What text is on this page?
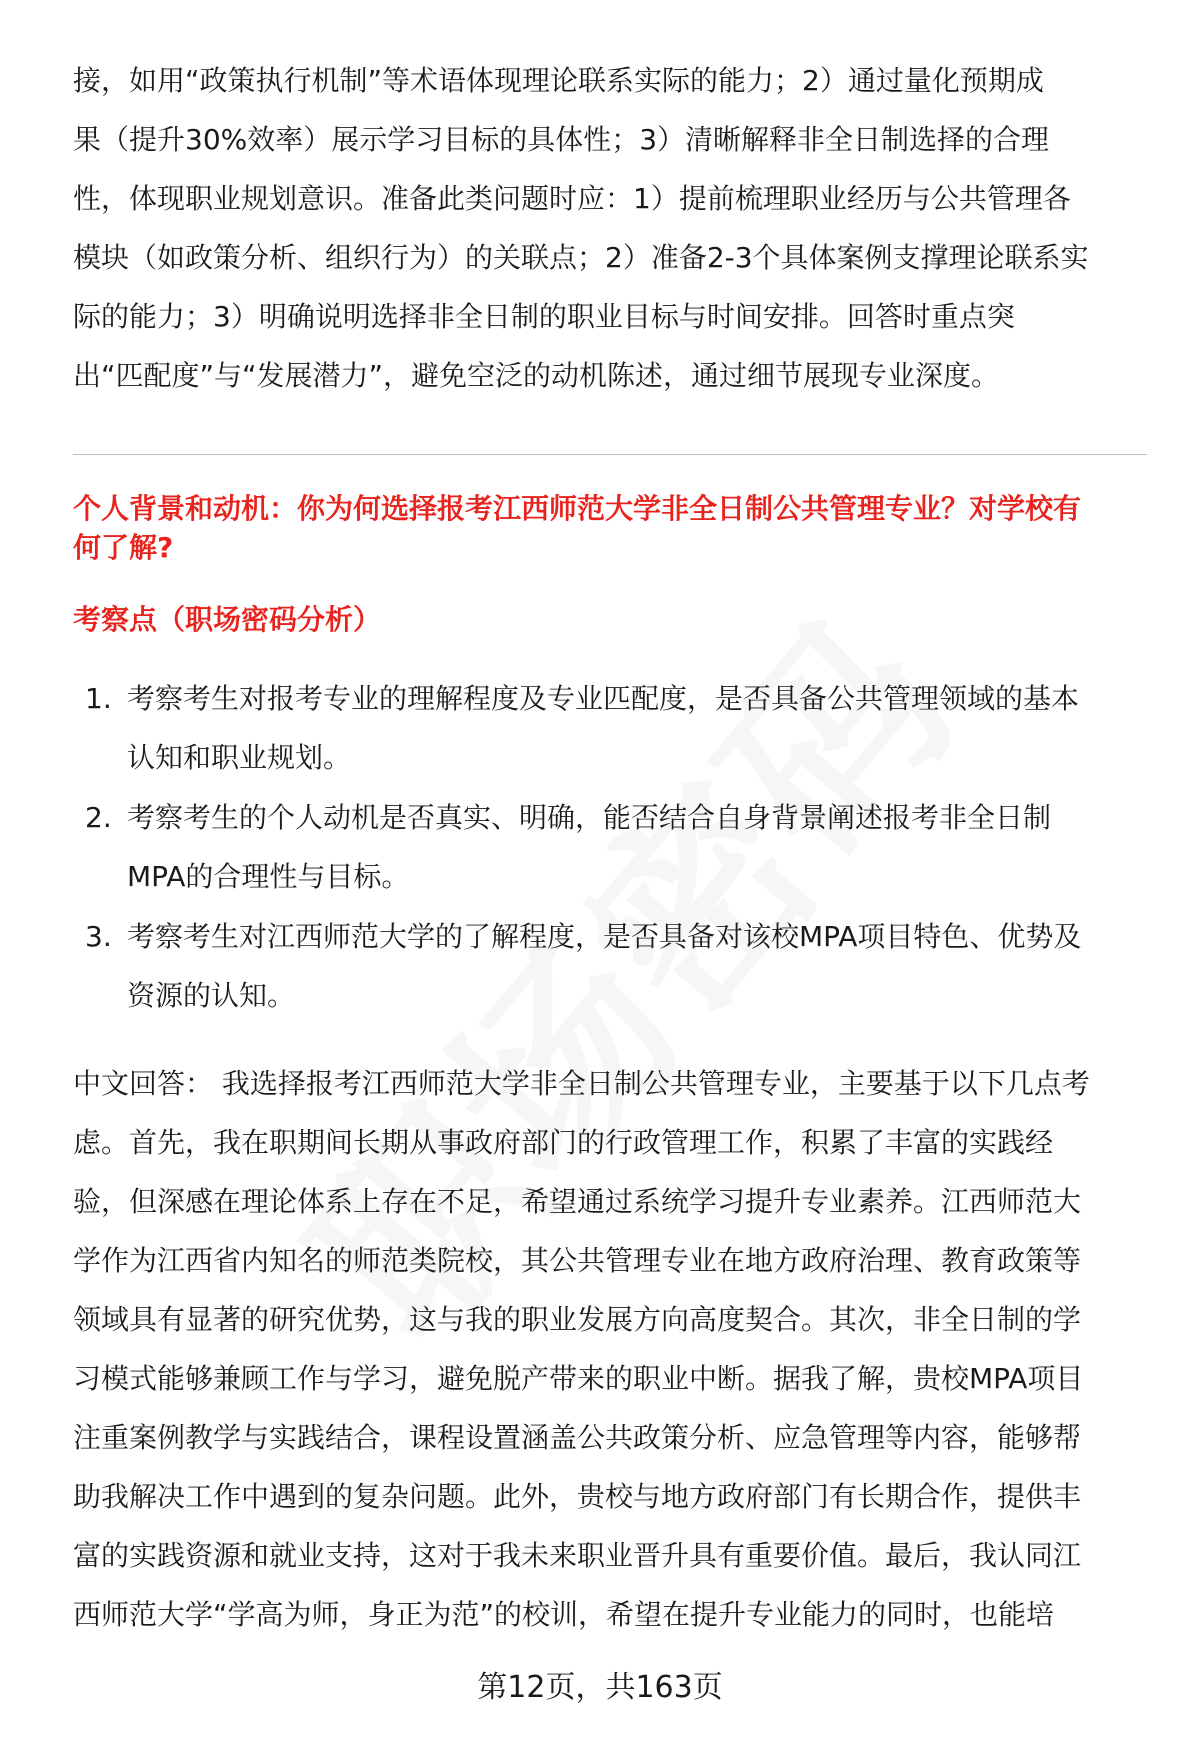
接，如用“政策执行机制”等术语体现理论联系实际的能力；2）通过量化预期成
果（提升30%效率）展示学习目标的具体性；3）清晰解释非全日制选择的合理
性，体现职业规划意识。准备此类问题时应：1）提前梳理职业经历与公共管理各
模块（如政策分析、组织行为）的关联点；2）准备2-3个具体案例支撑理论联系实
际的能力；3）明确说明选择非全日制的职业目标与时间安排。回答时重点突
出“匹配度”与“发展潜力”，避免空泛的动机陈述，通过细节展现专业深度。
个人背景和动机：你为何选择报考江西师范大学非全日制公共管理专业？对学校有
何了解?
考察点（职场密码分析）
1. 考察考生对报考专业的理解程度及专业匹配度，是否具备公共管理领域的基本
认知和职业规划。
2. 考察考生的个人动机是否真实、明确，能否结合自身背景阐述报考非全日制
MPA的合理性与目标。
3. 考察考生对江西师范大学的了解程度，是否具备对该校MPA项目特色、优势及
资源的认知。
中文回答： 我选择报考江西师范大学非全日制公共管理专业，主要基于以下几点考
虑。首先，我在职期间长期从事政府部门的行政管理工作，积累了丰富的实践经
验，但深感在理论体系上存在不足，希望通过系统学习提升专业素养。江西师范大
学作为江西省内知名的师范类院校，其公共管理专业在地方政府治理、教育政策等
领域具有显著的研究优势，这与我的职业发展方向高度契合。其次，非全日制的学
习模式能够兼顾工作与学习，避免脱产带来的职业中断。据我了解，贵校MPA项目
注重案例教学与实践结合，课程设置涵盖公共政策分析、应急管理等内容，能够帮
助我解决工作中遇到的复杂问题。此外，贵校与地方政府部门有长期合作，提供丰
富的实践资源和就业支持，这对于我未来职业晋升具有重要价值。最后，我认同江
西师范大学“学高为师，身正为范”的校训，希望在提升专业能力的同时，也能培
第12页，共163页
